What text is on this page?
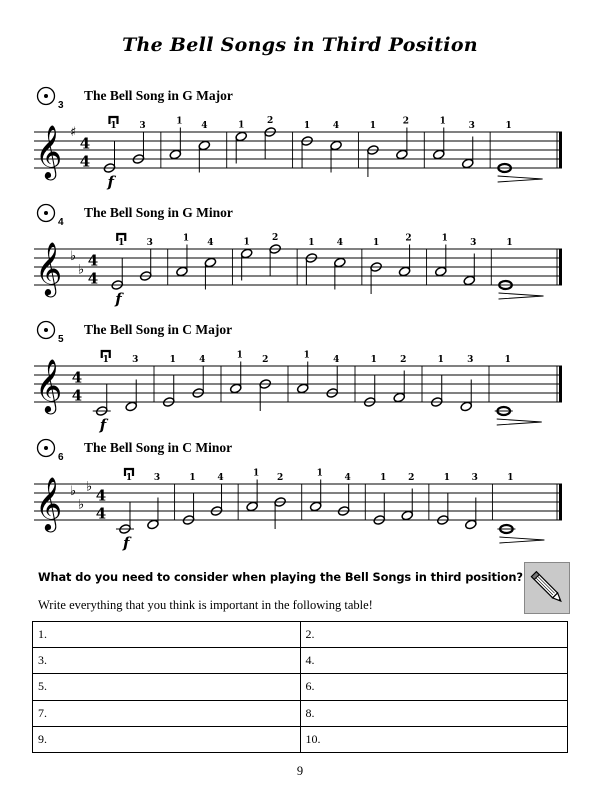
The Bell Songs in Third Position
3
The Bell Song in G Major
𝄞 ♯
4
4
1
f
3	1 4	1	2	1	4	1	2	1	3	1
4
The Bell Song in G Minor
𝄞 ♭
♭
4
4
1
f
3	1 4	1 2	1 4	1	2	1 3	1
5
The Bell Song in C Major
𝄞 4
4
1
f
3	1	4	1 2	1	4	1	2	1	3	1
6
The Bell Song in C Minor
𝄞 ♭
♭
♭ 4
4
1
f
3	1 4	1 2	1 4	1 2	1 3	1
What do you need to consider when playing the Bell Songs in third position?
Write everything that you think is important in the following table!
1.	2.
3.	4.
5.	6.
7.	8.
9.	10.
9
